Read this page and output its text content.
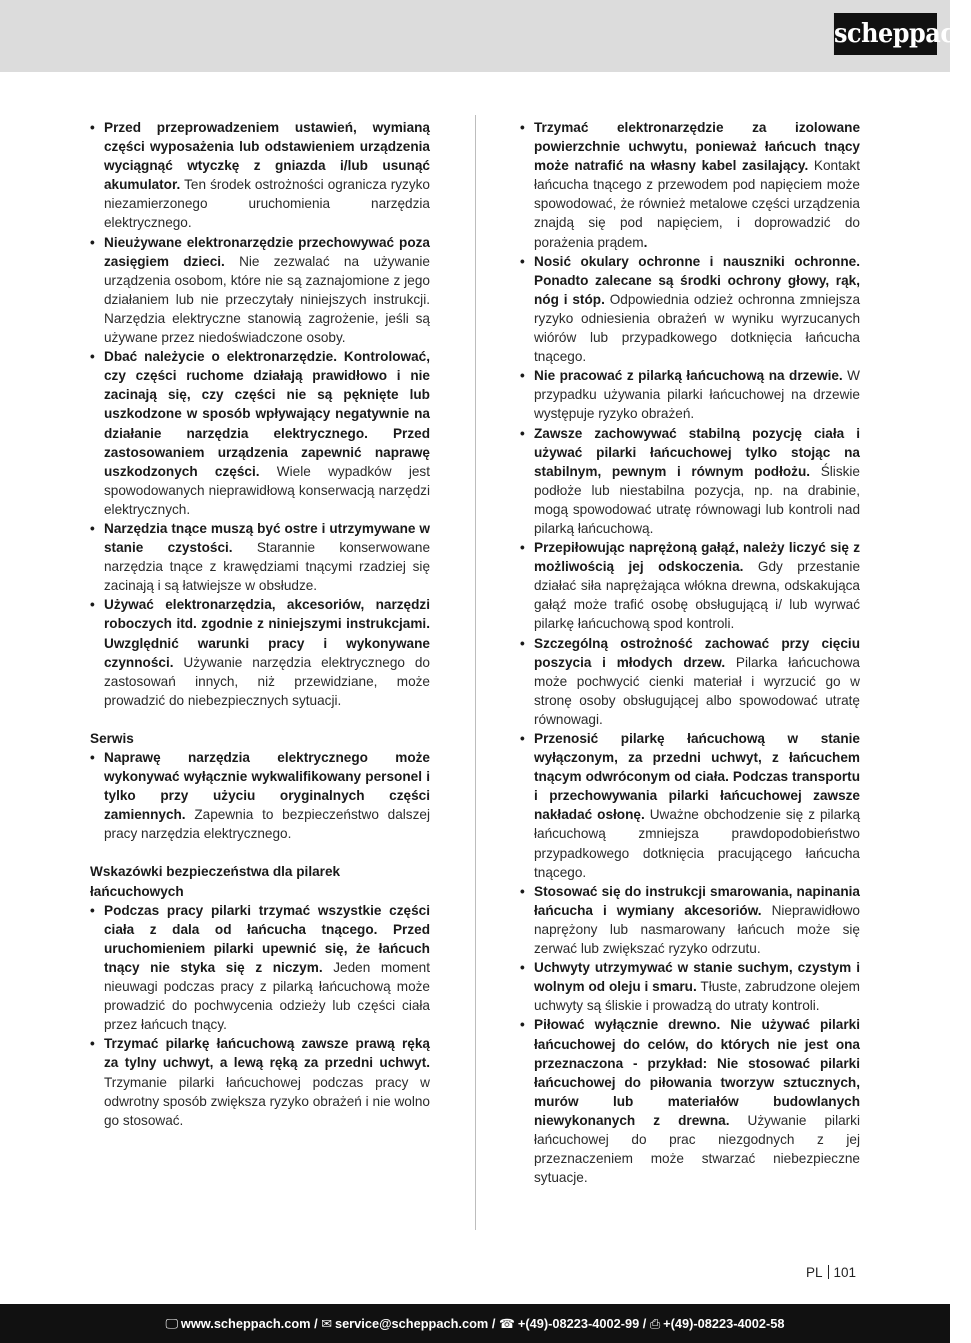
scheppach
• Przed przeprowadzeniem ustawień, wymianą części wyposażenia lub odstawieniem urządzenia wyciągnąć wtyczkę z gniazda i/lub usunąć akumulator. Ten środek ostrożności ogranicza ryzyko niezamierzonego uruchomienia narzędzia elektrycznego.
• Nieużywane elektronarzędzie przechowywać poza zasięgiem dzieci. Nie zezwalać na używanie urządzenia osobom, które nie są zaznajomione z jego działaniem lub nie przeczytały niniejszych instrukcji. Narzędzia elektryczne stanowią zagrożenie, jeśli są używane przez niedoświadczone osoby.
• Dbać należycie o elektronarzędzie. Kontrolować, czy części ruchome działają prawidłowo i nie zacinają się, czy części nie są pęknięte lub uszkodzone w sposób wpływający negatywnie na działanie narzędzia elektrycznego. Przed zastosowaniem urządzenia zapewnić naprawę uszkodzonych części. Wiele wypadków jest spowodowanych nieprawidłową konserwacją narzędzi elektrycznych.
• Narzędzia tnące muszą być ostre i utrzymywane w stanie czystości. Starannie konserwowane narzędzia tnące z krawędziami tnącymi rzadziej się zacinają i są łatwiejsze w obsłudze.
• Używać elektronarzędzia, akcesoriów, narzędzi roboczych itd. zgodnie z niniejszymi instrukcjami. Uwzględnić warunki pracy i wykonywane czynności. Używanie narzędzia elektrycznego do zastosowań innych, niż przewidziane, może prowadzić do niebezpiecznych sytuacji.

Serwis

• Naprawę narzędzia elektrycznego może wykonywać wyłącznie wykwalifikowany personel i tylko przy użyciu oryginalnych części zamiennych. Zapewnia to bezpieczeństwo dalszej pracy narzędzia elektrycznego.

Wskazówki bezpieczeństwa dla pilarek łańcuchowych

• Podczas pracy pilarki trzymać wszystkie części ciała z dala od łańcucha tnącego. Przed uruchomieniem pilarki upewnić się, że łańcuch tnący nie styka się z niczym. Jeden moment nieuwagi podczas pracy z pilarką łańcuchową może prowadzić do pochwycenia odzieży lub części ciała przez łańcuch tnący.
• Trzymać pilarkę łańcuchową zawsze prawą ręką za tylny uchwyt, a lewą ręką za przedni uchwyt. Trzymanie pilarki łańcuchowej podczas pracy w odwrotny sposób zwiększa ryzyko obrażeń i nie wolno go stosować.
• Trzymać elektronarzędzie za izolowane powierzchnie uchwytu, ponieważ łańcuch tnący może natrafić na własny kabel zasilający. Kontakt łańcucha tnącego z przewodem pod napięciem może spowodować, że również metalowe części urządzenia znajdą się pod napięciem, i doprowadzić do porażenia prądem.
• Nosić okulary ochronne i nauszniki ochronne. Ponadto zalecane są środki ochrony głowy, rąk, nóg i stóp. Odpowiednia odzież ochronna zmniejsza ryzyko odniesienia obrażeń w wyniku wyrzucanych wiórów lub przypadkowego dotknięcia łańcucha tnącego.
• Nie pracować z pilarką łańcuchową na drzewie. W przypadku używania pilarki łańcuchowej na drzewie występuje ryzyko obrażeń.
• Zawsze zachowywać stabilną pozycję ciała i używać pilarki łańcuchowej tylko stojąc na stabilnym, pewnym i równym podłożu. Śliskie podłoże lub niestabilna pozycja, np. na drabinie, mogą spowodować utratę równowagi lub kontroli nad pilarką łańcuchową.
• Przepiłowując naprężoną gałąź, należy liczyć się z możliwością jej odskoczenia. Gdy przestanie działać siła naprężająca włókna drewna, odskakująca gałąź może trafić osobę obsługującą i/ lub wyrwać pilarkę łańcuchową spod kontroli.
• Szczególną ostrożność zachować przy cięciu poszycia i młodych drzew. Pilarka łańcuchowa może pochwycić cienki materiał i wyrzucić go w stronę osoby obsługującej albo spowodować utratę równowagi.
• Przenosić pilarkę łańcuchową w stanie wyłączonym, za przedni uchwyt, z łańcuchem tnącym odwróconym od ciała. Podczas transportu i przechowywania pilarki łańcuchowej zawsze nakładać osłonę. Uważne obchodzenie się z pilarką łańcuchową zmniejsza prawdopodobieństwo przypadkowego dotknięcia pracującego łańcucha tnącego.
• Stosować się do instrukcji smarowania, napinania łańcucha i wymiany akcesoriów. Nieprawidłowo naprężony lub nasmarowany łańcuch może się zerwać lub zwiększać ryzyko odrzutu.
• Uchwyty utrzymywać w stanie suchym, czystym i wolnym od oleju i smaru. Tłuste, zabrudzone olejem uchwyty są śliskie i prowadzą do utraty kontroli.
• Piłować wyłącznie drewno. Nie używać pilarki łańcuchowej do celów, do których nie jest ona przeznaczona - przykład: Nie stosować pilarki łańcuchowej do piłowania tworzyw sztucznych, murów lub materiałów budowlanych niewykonanych z drewna. Używanie pilarki łańcuchowej do prac niezgodnych z jej przeznaczeniem może stwarzać niebezpieczne sytuacje.
PL 101
🖵︎ www.scheppach.com / ✉︎ service@scheppach.com / ☎︎ +(49)-08223-4002-99 / ⎙︎ +(49)-08223-4002-58
